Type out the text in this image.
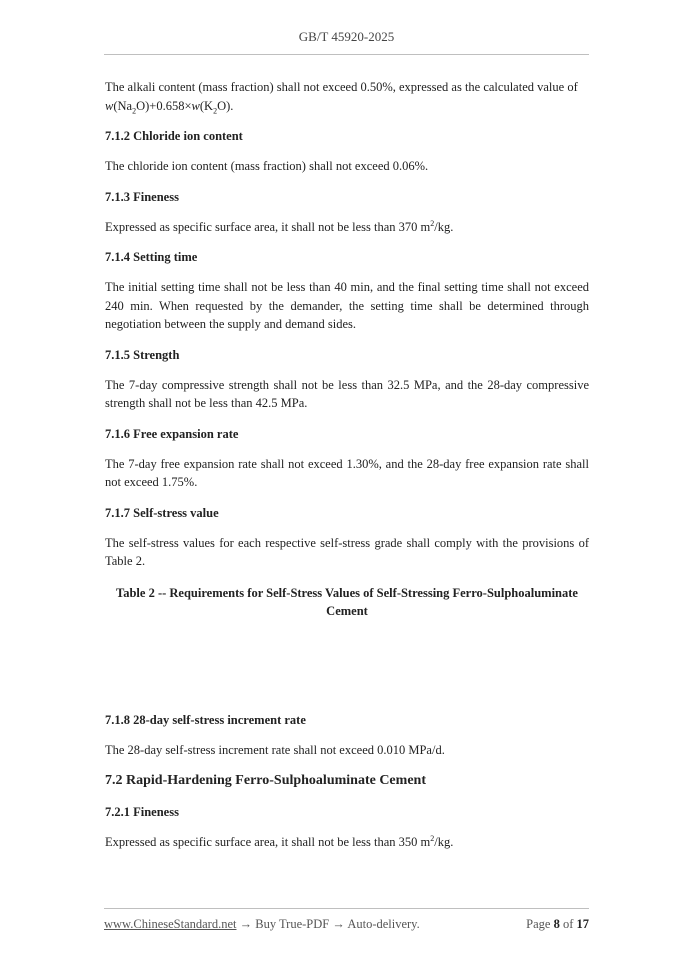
GB/T 45920-2025

The alkali content (mass fraction) shall not exceed 0.50%, expressed as the calculated value of
$w(Na_2O)+0.658\times w(K_2O)$.

7.1.2 Chloride ion content

The chloride ion content (mass fraction) shall not exceed 0.06%.

7.1.3 Fineness

Expressed as specific surface area, it shall not be less than 370 $m^2/kg$.

7.1.4 Setting time

The initial setting time shall not be less than 40 min, and the final setting time shall not exceed 240 min. When requested by the demander, the setting time shall be determined through negotiation between the supply and demand sides.

7.1.5 Strength

The 7-day compressive strength shall not be less than 32.5 MPa, and the 28-day compressive strength shall not be less than 42.5 MPa.

7.1.6 Free expansion rate

The 7-day free expansion rate shall not exceed 1.30%, and the 28-day free expansion rate shall not exceed 1.75%.

7.1.7 Self-stress value

The self-stress values for each respective self-stress grade shall comply with the provisions of Table 2.

Table 2 -- Requirements for Self-Stress Values of Self-Stressing Ferro-Sulphoaluminate Cement

7.1.8 28-day self-stress increment rate

The 28-day self-stress increment rate shall not exceed 0.010 MPa/d.

7.2 Rapid-Hardening Ferro-Sulphoaluminate Cement

7.2.1 Fineness

Expressed as specific surface area, it shall not be less than 350 $m^2/kg$.

www.ChineseStandard.net → Buy True-PDF → Auto-delivery.	Page 8 of 17
